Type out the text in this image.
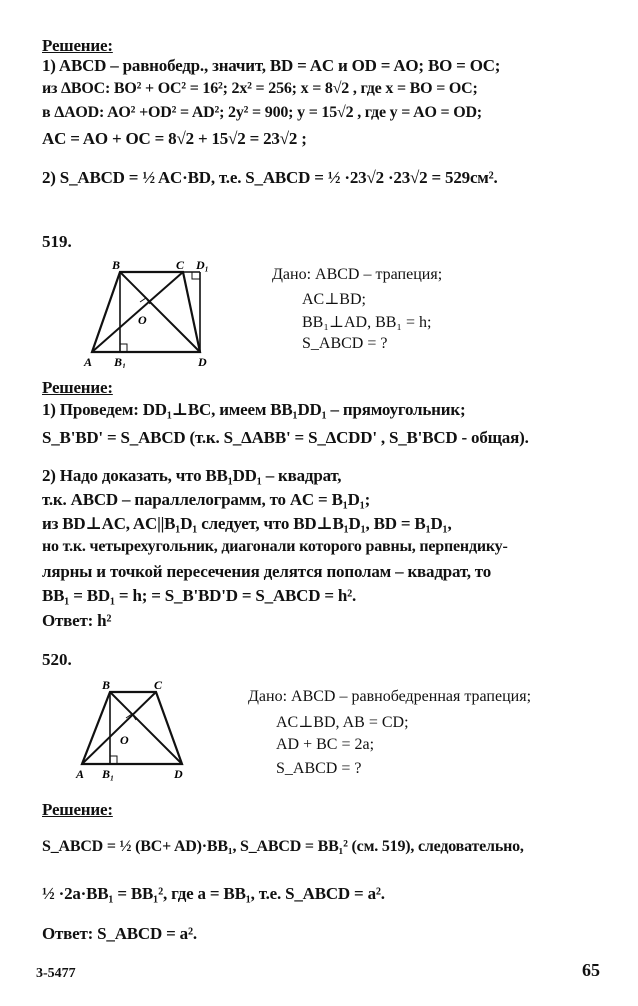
Решение:
1) ABCD – равнобедр., значит, BD = AC и OD = AO; BO = OC;
из ΔBOC: BO² + OC² = 16²; 2x² = 256; x = 8√2 , где x = BO = OC;
в ΔAOD: AO² +OD² = AD²; 2y² = 900; y = 15√2 , где y = AO = OD;
AC = AO + OC = 8√2 + 15√2 = 23√2 ;
2) S_ABCD = ½ AC·BD, т.е. S_ABCD = ½ ·23√2 ·23√2 = 529см².
519.
B	C D₁
O
A B₁	D
Дано: ABCD – трапеция;
AC⊥BD;
BB₁⊥AD, BB₁ = h;
S_ABCD = ?
Решение:
1) Проведем: DD₁⊥BC, имеем BB₁DD₁ – прямоугольник;
S_B'BD' = S_ABCD (т.к. S_ΔABB' = S_ΔCDD' , S_B'BCD - общая).
2) Надо доказать, что BB₁DD₁ – квадрат,
т.к. ABCD – параллелограмм, то AC = B₁D₁;
из BD⊥AC, AC||B₁D₁ следует, что BD⊥B₁D₁, BD = B₁D₁,
но т.к. четырехугольник, диагонали которого равны, перпендику-
лярны и точкой пересечения делятся пополам – квадрат, то
BB₁ = BD₁ = h; = S_B'BD'D = S_ABCD = h².
Ответ: h²
520.
B	C
O
A B₁	D
Дано: ABCD – равнобедренная трапеция;
AC⊥BD, AB = CD;
AD + BC = 2a;
S_ABCD = ?
Решение:
S_ABCD = ½ (BC+ AD)·BB₁, S_ABCD = BB₁² (см. 519), следовательно,
½ ·2a·BB₁ = BB₁², где a = BB₁, т.е. S_ABCD = a².
Ответ: S_ABCD = a².
3-5477	65
